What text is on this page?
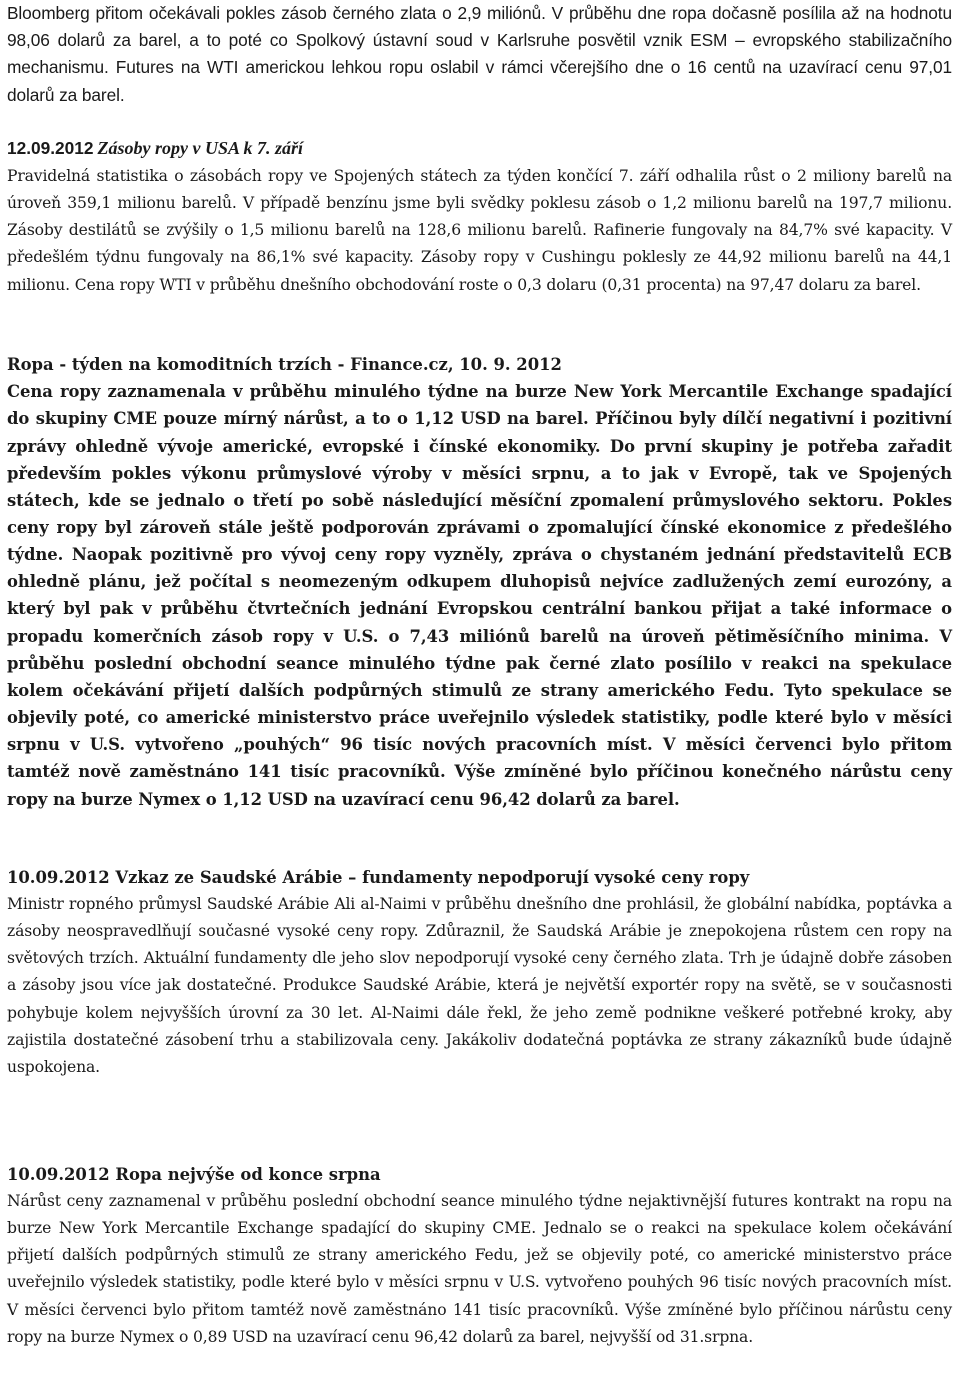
Bloomberg přitom očekávali pokles zásob černého zlata o 2,9 miliónů. V průběhu dne ropa dočasně posílila až na hodnotu 98,06 dolarů za barel, a to poté co Spolkový ústavní soud v Karlsruhe posvětil vznik ESM – evropského stabilizačního mechanismu. Futures na WTI americkou lehkou ropu oslabil v rámci včerejšího dne o 16 centů na uzavírací cenu 97,01 dolarů za barel.

12.09.2012 Zásoby ropy v USA k 7. září

Pravidelná statistika o zásobách ropy ve Spojených státech za týden končící 7. září odhalila růst o 2 miliony barelů na úroveň 359,1 milionu barelů. V případě benzínu jsme byli svědky poklesu zásob o 1,2 milionu barelů na 197,7 milionu. Zásoby destilátů se zvýšily o 1,5 milionu barelů na 128,6 milionu barelů. Rafinerie fungovaly na 84,7% své kapacity. V předešlém týdnu fungovaly na 86,1% své kapacity. Zásoby ropy v Cushingu poklesly ze 44,92 milionu barelů na 44,1 milionu. Cena ropy WTI v průběhu dnešního obchodování roste o 0,3 dolaru (0,31 procenta) na 97,47 dolaru za barel.

Ropa - týden na komoditních trzích - Finance.cz, 10. 9. 2012

Cena ropy zaznamenala v průběhu minulého týdne na burze New York Mercantile Exchange spadající do skupiny CME pouze mírný nárůst, a to o 1,12 USD na barel. Příčinou byly dílčí negativní i pozitivní zprávy ohledně vývoje americké, evropské i čínské ekonomiky. Do první skupiny je potřeba zařadit především pokles výkonu průmyslové výroby v měsíci srpnu, a to jak v Evropě, tak ve Spojených státech, kde se jednalo o třetí po sobě následující měsíční zpomalení průmyslového sektoru. Pokles ceny ropy byl zároveň stále ještě podporován zprávami o zpomalující čínské ekonomice z předešlého týdne. Naopak pozitivně pro vývoj ceny ropy vyzněly, zpráva o chystaném jednání představitelů ECB ohledně plánu, jež počítal s neomezeným odkupem dluhopisů nejvíce zadlužených zemí eurozóny, a který byl pak v průběhu čtvrtečních jednání Evropskou centrální bankou přijat a také informace o propadu komerčních zásob ropy v U.S. o 7,43 miliónů barelů na úroveň pětiměsíčního minima. V průběhu poslední obchodní seance minulého týdne pak černé zlato posílilo v reakci na spekulace kolem očekávání přijetí dalších podpůrných stimulů ze strany amerického Fedu. Tyto spekulace se objevily poté, co americké ministerstvo práce uveřejnilo výsledek statistiky, podle které bylo v měsíci srpnu v U.S. vytvořeno „pouhých“ 96 tisíc nových pracovních míst. V měsíci červenci bylo přitom tamtéž nově zaměstnáno 141 tisíc pracovníků. Výše zmíněné bylo příčinou konečného nárůstu ceny ropy na burze Nymex o 1,12 USD na uzavírací cenu 96,42 dolarů za barel.

10.09.2012 Vzkaz ze Saudské Arábie – fundamenty nepodporují vysoké ceny ropy

Ministr ropného průmysl Saudské Arábie Ali al-Naimi v průběhu dnešního dne prohlásil, že globální nabídka, poptávka a zásoby neospravedlňují současné vysoké ceny ropy. Zdůraznil, že Saudská Arábie je znepokojena růstem cen ropy na světových trzích. Aktuální fundamenty dle jeho slov nepodporují vysoké ceny černého zlata. Trh je údajně dobře zásoben a zásoby jsou více jak dostatečné. Produkce Saudské Arábie, která je největší exportér ropy na světě, se v současnosti pohybuje kolem nejvyšších úrovní za 30 let. Al-Naimi dále řekl, že jeho země podnikne veškeré potřebné kroky, aby zajistila dostatečné zásobení trhu a stabilizovala ceny. Jakákoliv dodatečná poptávka ze strany zákazníků bude údajně uspokojena.

10.09.2012 Ropa nejvýše od konce srpna

Nárůst ceny zaznamenal v průběhu poslední obchodní seance minulého týdne nejaktivnější futures kontrakt na ropu na burze New York Mercantile Exchange spadající do skupiny CME. Jednalo se o reakci na spekulace kolem očekávání přijetí dalších podpůrných stimulů ze strany amerického Fedu, jež se objevily poté, co americké ministerstvo práce uveřejnilo výsledek statistiky, podle které bylo v měsíci srpnu v U.S. vytvořeno pouhých 96 tisíc nových pracovních míst. V měsíci červenci bylo přitom tamtéž nově zaměstnáno 141 tisíc pracovníků. Výše zmíněné bylo příčinou nárůstu ceny ropy na burze Nymex o 0,89 USD na uzavírací cenu 96,42 dolarů za barel, nejvyšší od 31.srpna.
